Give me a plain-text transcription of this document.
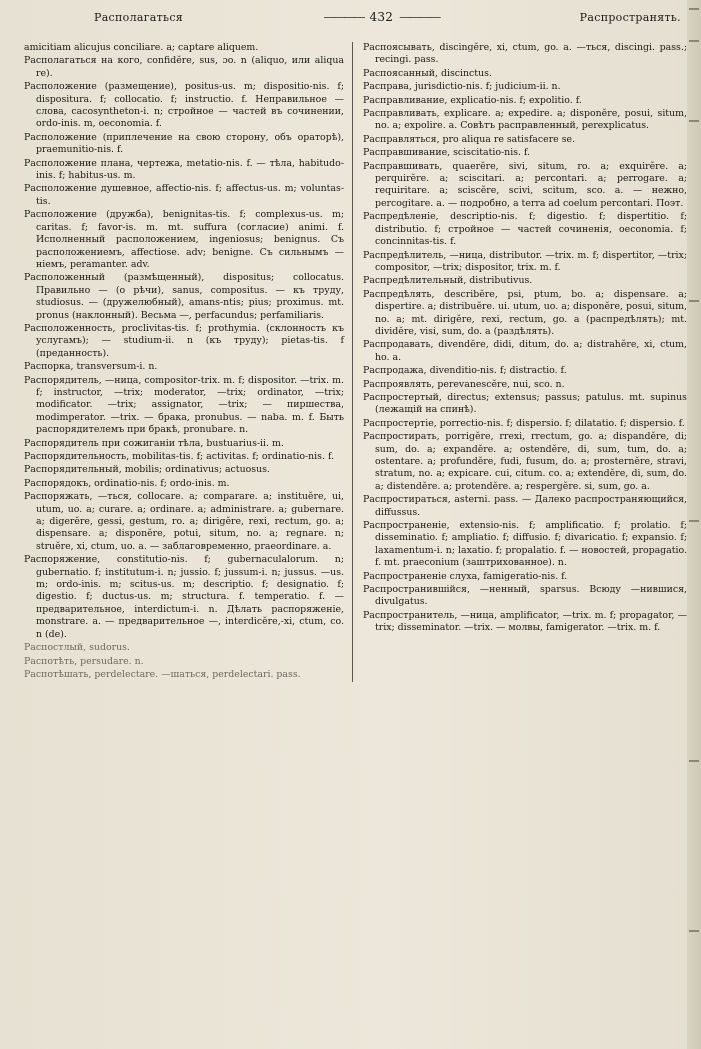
Располагаться
————	432 ————	Распространять.

amicitiam alicujus conciliare. a; captare aliquem.

Располагаться на кого, confidĕre, sus, ɔo. n (aliquo, или aliqua re).

Расположение (размещение), positus-us. m; dispositio-nis. f; dispositura. f; collocatio. f; instructio. f. Неправильное — слова, cacosyntheton-i. n; стройное — частей въ сочинении, ordo-inis. m, oeconomia. f.

Расположение (приплечение на свою сторону, объ ораторѣ), praemunitio-nis. f.

Расположение плана, чертежа, metatio-nis. f. — тѣла, habitudo-inis. f; habitus-us. m.

Расположение душевное, affectio-nis. f; affectus-us. m; voluntas-tis.

Расположение (дружба), benignitas-tis. f; complexus-us. m; caritas. f; favor-is. m. mt. suffura (согласие) animi. f. Исполненный расположением, ingeniosus; benignus. Съ расположениемъ, affectiose. adv; benigne. Съ сильнымъ —ніемъ, peramanter. adv.

Расположенный (размѣщенный), dispositus; collocatus. Правильно — (о рѣчи), sanus, compositus. — къ труду, studiosus. — (дружелюбный), amans-ntis; pius; proximus. mt. pronus (наклонный). Весьма —, perfacundus; perfamiliaris.

Расположенность, proclivitas-tis. f; prothymia. (склонность къ услугамъ); — studium-ii. n (къ труду); pietas-tis. f (преданность).

Распорка, transversum-i. n.

Распорядитель, —ница, compositor-trix. m. f; dispositor. —trix. m. f; instructor, —trix; moderator, —trix; ordinator, —trix; modificator. —trix; assignator, —trix; — пиршества, modimperator. —trix. — брака, pronubus. — naba. m. f. Быть распорядителемъ при бракѣ, pronubare. n.

Распорядитель при сожиганіи тѣла, bustuarius-ii. m.

Распорядительность, mobilitas-tis. f; activitas. f; ordinatio-nis. f.

Распорядительный, mobilis; ordinativus; actuosus.

Распорядокъ, ordinatio-nis. f; ordo-inis. m.

Распоряжать, —ться, collocare. a; comparare. a; instituĕre, ui, utum, uo. a; curare. a; ordinare. a; administrare. a; gubernare. a; digerĕre, gessi, gestum, ro. a; dirigĕre, rexi, rectum, go. a; dispensare. a; disponĕre, potui, situm, no. a; regnare. n; struĕre, xi, ctum, uo. a. — заблаговременно, praeordinare. a.

Распоряжение, constitutio-nis. f; gubernaculalorum. n; gubernatio. f; institutum-i. n; jussio. f; jussum-i. n; jussus. —us. m; ordo-inis. m; scitus-us. m; descriptio. f; designatio. f; digestio. f; ductus-us. m; structura. f. temperatio. f. — предварительное, interdictum-i. n. Дѣлать распоряженіе, monstrare. a. — предварительное —, interdicĕre,-xi, ctum, co. n (de).

Распостлый, sudorus.

Распотѣть, persudare. n.

Распотѣшать, perdelectare. —шаться, perdelectari. pass.

Распоясывать, discingĕre, xi, ctum, go. a. —ться, discingi. pass.; recingi. pass.

Распоясанный, discinctus.

Расправа, jurisdictio-nis. f; judicium-ii. n.

Расправливание, explicatio-nis. f; expolitio. f.

Расправливать, explicare. a; expedire. a; disponĕre, posui, situm, no. a; expolire. a. Совѣтъ расправленный, perexplicatus.

Расправляться, pro aliqua re satisfacere se.

Расправшивание, sciscitatio-nis. f.

Расправшивать, quaerĕre, sivi, situm, ro. a; exquirĕre. a; perquirĕre. a; sciscitari. a; percontari. a; perrogare. a; requiritare. a; sciscĕre, scivi, scitum, sco. a. — нежно, percogitare. a. — подробно, a terra ad coelum percontari. Поэт.

Распредѣленіе, descriptio-nis. f; digestio. f; dispertitio. f; distributio. f; стройное — частей сочиненія, oeconomia. f; concinnitas-tis. f.

Распредѣлитель, —ница, distributor. —trix. m. f; dispertitor, —trix; compositor, —trix; dispositor, trix. m. f.

Распредѣлительный, distributivus.

Распредѣлять, describĕre, psi, ptum, bo. a; dispensare. a; dispertire. a; distribuĕre. ui. utum, uo. a; disponĕre, posui, situm, no. a; mt. dirigĕre, rexi, rectum, go. a (распредѣлять); mt. dividĕre, visi, sum, do. a (раздѣлять).

Распродавать, divendĕre, didi, ditum, do. a; distrahĕre, xi, ctum, ho. a.

Распродажа, divenditio-nis. f; distractio. f.

Распроявлять, perevanescĕre, nui, sco. n.

Распростертый, directus; extensus; passus; patulus. mt. supinus (лежащій на спинѣ).

Распростертіе, porrectio-nis. f; dispersio. f; dilatatio. f; dispersio. f.

Распростирать, porrigĕre, rrexi, rrectum, go. a; dispandĕre, di; sum, do. a; expandĕre. a; ostendĕre, di, sum, tum, do. a; ostentare. a; profundĕre, fudi, fusum, do. a; prosternĕre, stravi, stratum, no. a; expicare. cui, citum. co. a; extendĕre, di, sum, do. a; distendĕre. a; protendĕre. a; respergĕre. si, sum, go. a.

Распростираться, asterni. pass. — Далеко распространяющийся, diffussus.

Распространеніе, extensio-nis. f; amplificatio. f; prolatio. f; disseminatio. f; ampliatio. f; diffusio. f; divaricatio. f; expansio. f; laxamentum-i. n; laxatio. f; propalatio. f. — новостей, propagatio. f. mt. praeconium (заштрихованное). n.

Распространеніе слуха, famigeratio-nis. f.

Распространившійся, —ненный, sparsus. Всюду —нившися, divulgatus.

Распространитель, —ница, amplificator, —trix. m. f; propagator, —trix; disseminator. —trix. — молвы, famigerator. —trix. m. f.
